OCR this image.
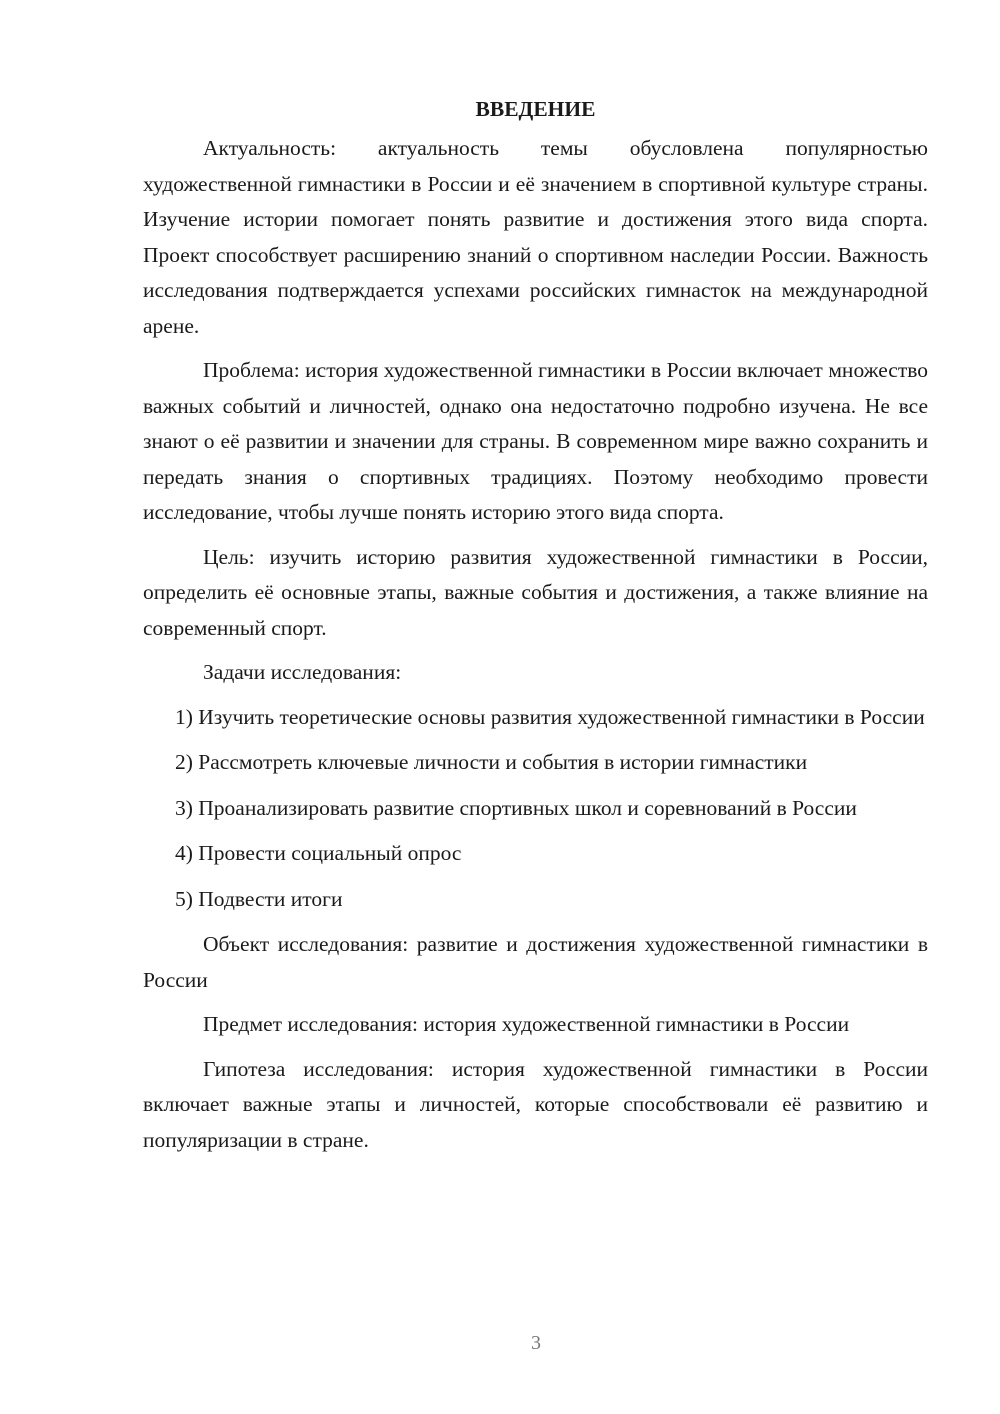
ВВЕДЕНИЕ

Актуальность: актуальность темы обусловлена популярностью художественной гимнастики в России и её значением в спортивной культуре страны. Изучение истории помогает понять развитие и достижения этого вида спорта. Проект способствует расширению знаний о спортивном наследии России. Важность исследования подтверждается успехами российских гимнасток на международной арене.

Проблема: история художественной гимнастики в России включает множество важных событий и личностей, однако она недостаточно подробно изучена. Не все знают о её развитии и значении для страны. В современном мире важно сохранить и передать знания о спортивных традициях. Поэтому необходимо провести исследование, чтобы лучше понять историю этого вида спорта.

Цель: изучить историю развития художественной гимнастики в России, определить её основные этапы, важные события и достижения, а также влияние на современный спорт.

Задачи исследования:

1) Изучить теоретические основы развития художественной гимнастики в России

2) Рассмотреть ключевые личности и события в истории гимнастики

3) Проанализировать развитие спортивных школ и соревнований в России

4) Провести социальный опрос

5) Подвести итоги

Объект исследования: развитие и достижения художественной гимнастики в России

Предмет исследования: история художественной гимнастики в России

Гипотеза исследования: история художественной гимнастики в России включает важные этапы и личностей, которые способствовали её развитию и популяризации в стране.

3
